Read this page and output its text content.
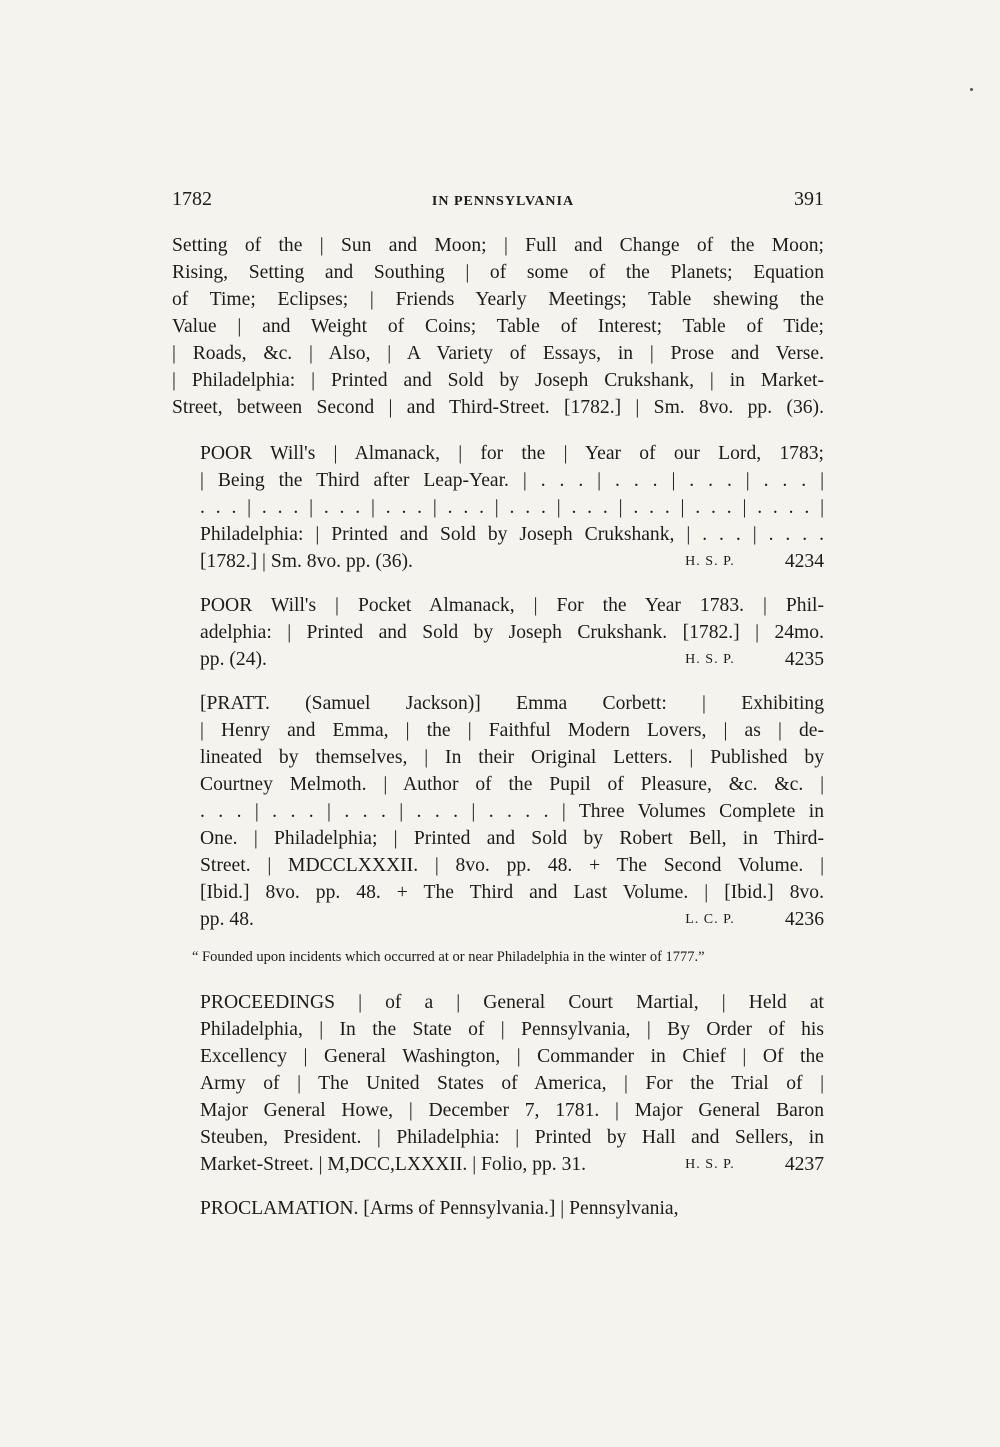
1782	IN PENNSYLVANIA	391

Setting of the | Sun and Moon; | Full and Change of the Moon;
Rising, Setting and Southing | of some of the Planets; Equation
of Time; Eclipses; | Friends Yearly Meetings; Table shewing the
Value | and Weight of Coins; Table of Interest; Table of Tide;
| Roads, &c. | Also, | A Variety of Essays, in | Prose and Verse.
| Philadelphia: | Printed and Sold by Joseph Crukshank, | in Market-
Street, between Second | and Third-Street. [1782.] | Sm. 8vo. pp. (36).

POOR Will's | Almanack, | for the | Year of our Lord, 1783;
| Being the Third after Leap-Year. | . . . | . . . | . . . | . . . |
. . . | . . . | . . . | . . . | . . . | . . . | . . . | . . . | . . . | . . . . |
Philadelphia: | Printed and Sold by Joseph Crukshank, | . . . | . . . .
[1782.] | Sm. 8vo. pp. (36).	H. S. P.	4234

POOR Will's | Pocket Almanack, | For the Year 1783. | Phil-
adelphia: | Printed and Sold by Joseph Crukshank. [1782.] | 24mo.
pp. (24).	H. S. P.	4235

[PRATT. (Samuel Jackson)] Emma Corbett: | Exhibiting
| Henry and Emma, | the | Faithful Modern Lovers, | as | de-
lineated by themselves, | In their Original Letters. | Published by
Courtney Melmoth. | Author of the Pupil of Pleasure, &c. &c. |
. . . | . . . | . . . | . . . | . . . . | Three Volumes Complete in
One. | Philadelphia; | Printed and Sold by Robert Bell, in Third-
Street. | MDCCLXXXII. | 8vo. pp. 48. + The Second Volume. |
[Ibid.] 8vo. pp. 48. + The Third and Last Volume. | [Ibid.] 8vo.
pp. 48.	L. C. P.	4236

“ Founded upon incidents which occurred at or near Philadelphia in the winter of 1777.”

PROCEEDINGS | of a | General Court Martial, | Held at
Philadelphia, | In the State of | Pennsylvania, | By Order of his
Excellency | General Washington, | Commander in Chief | Of the
Army of | The United States of America, | For the Trial of |
Major General Howe, | December 7, 1781. | Major General Baron
Steuben, President. | Philadelphia: | Printed by Hall and Sellers, in
Market-Street. | M,DCC,LXXXII. | Folio, pp. 31.	H. S. P.	4237

PROCLAMATION. [Arms of Pennsylvania.] | Pennsylvania,
